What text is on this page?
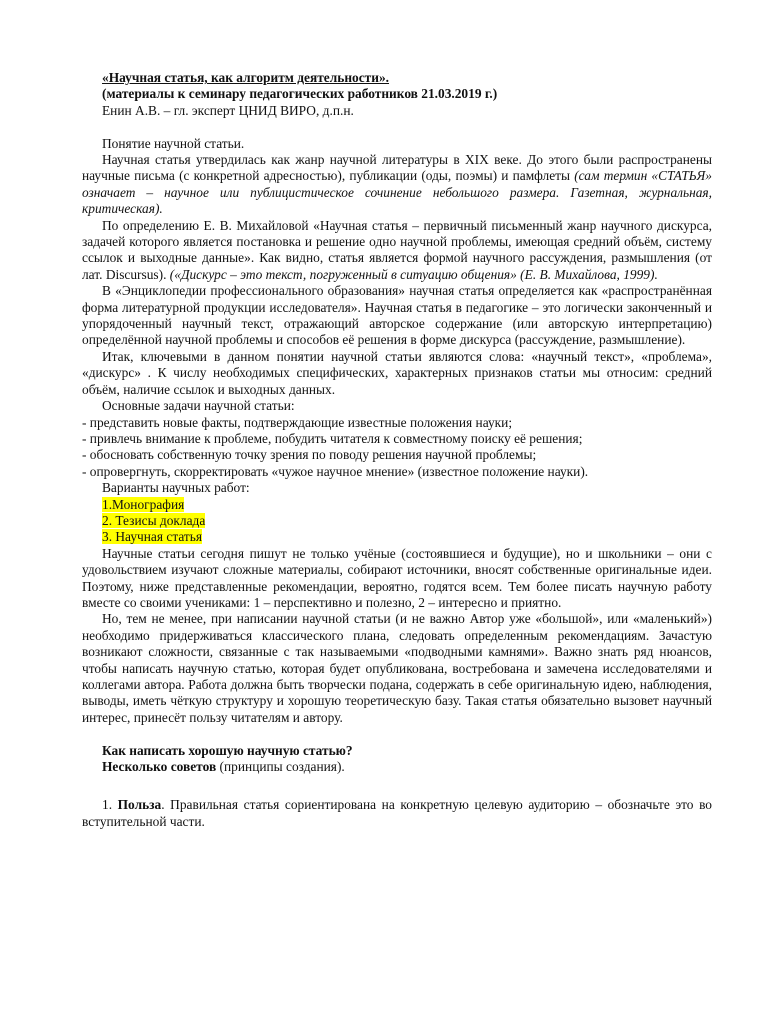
«Научная статья, как алгоритм деятельности».

(материалы к семинару педагогических работников 21.03.2019 г.)

Енин А.В. – гл. эксперт ЦНИД ВИРО, д.п.н.

Понятие научной статьи.

Научная статья утвердилась как жанр научной литературы в XIX веке. До этого были распространены научные письма (с конкретной адресностью), публикации (оды, поэмы) и памфлеты (сам термин «СТАТЬЯ» означает – научное или публицистическое сочинение небольшого размера. Газетная, журнальная, критическая).

По определению Е. В. Михайловой «Научная статья – первичный письменный жанр научного дискурса, задачей которого является постановка и решение одно научной проблемы, имеющая средний объём, систему ссылок и выходные данные». Как видно, статья является формой научного рассуждения, размышления (от лат. Discursus). («Дискурс – это текст, погруженный в ситуацию общения» (Е. В. Михайлова, 1999).

В «Энциклопедии профессионального образования» научная статья определяется как «распространённая форма литературной продукции исследователя». Научная статья в педагогике – это логически законченный и упорядоченный научный текст, отражающий авторское содержание (или авторскую интерпретацию) определённой научной проблемы и способов её решения в форме дискурса (рассуждение, размышление).

Итак, ключевыми в данном понятии научной статьи являются слова: «научный текст», «проблема», «дискурс» . К числу необходимых специфических, характерных признаков статьи мы относим: средний объём, наличие ссылок и выходных данных.

Основные задачи научной статьи:

- представить новые факты, подтверждающие известные положения науки;

- привлечь внимание к проблеме, побудить читателя к совместному поиску её решения;

- обосновать собственную точку зрения по поводу решения научной проблемы;

- опровергнуть, скорректировать «чужое научное мнение» (известное положение науки).

Варианты научных работ:

1.Монография

2. Тезисы доклада

3. Научная статья

Научные статьи сегодня пишут не только учёные (состоявшиеся и будущие), но и школьники – они с удовольствием изучают сложные материалы, собирают источники, вносят собственные оригинальные идеи. Поэтому, ниже представленные рекомендации, вероятно, годятся всем. Тем более писать научную работу вместе со своими учениками: 1 – перспективно и полезно, 2 – интересно и приятно.

Но, тем не менее, при написании научной статьи (и не важно Автор уже «большой», или «маленький») необходимо придерживаться классического плана, следовать определенным рекомендациям. Зачастую возникают сложности, связанные с так называемыми «подводными камнями». Важно знать ряд нюансов, чтобы написать научную статью, которая будет опубликована, востребована и замечена исследователями и коллегами автора. Работа должна быть творчески подана, содержать в себе оригинальную идею, наблюдения, выводы, иметь чёткую структуру и хорошую теоретическую базу. Такая статья обязательно вызовет научный интерес, принесёт пользу читателям и автору.

Как написать хорошую научную статью?

Несколько советов (принципы создания).

1. Польза. Правильная статья сориентирована на конкретную целевую аудиторию – обозначьте это во вступительной части.
